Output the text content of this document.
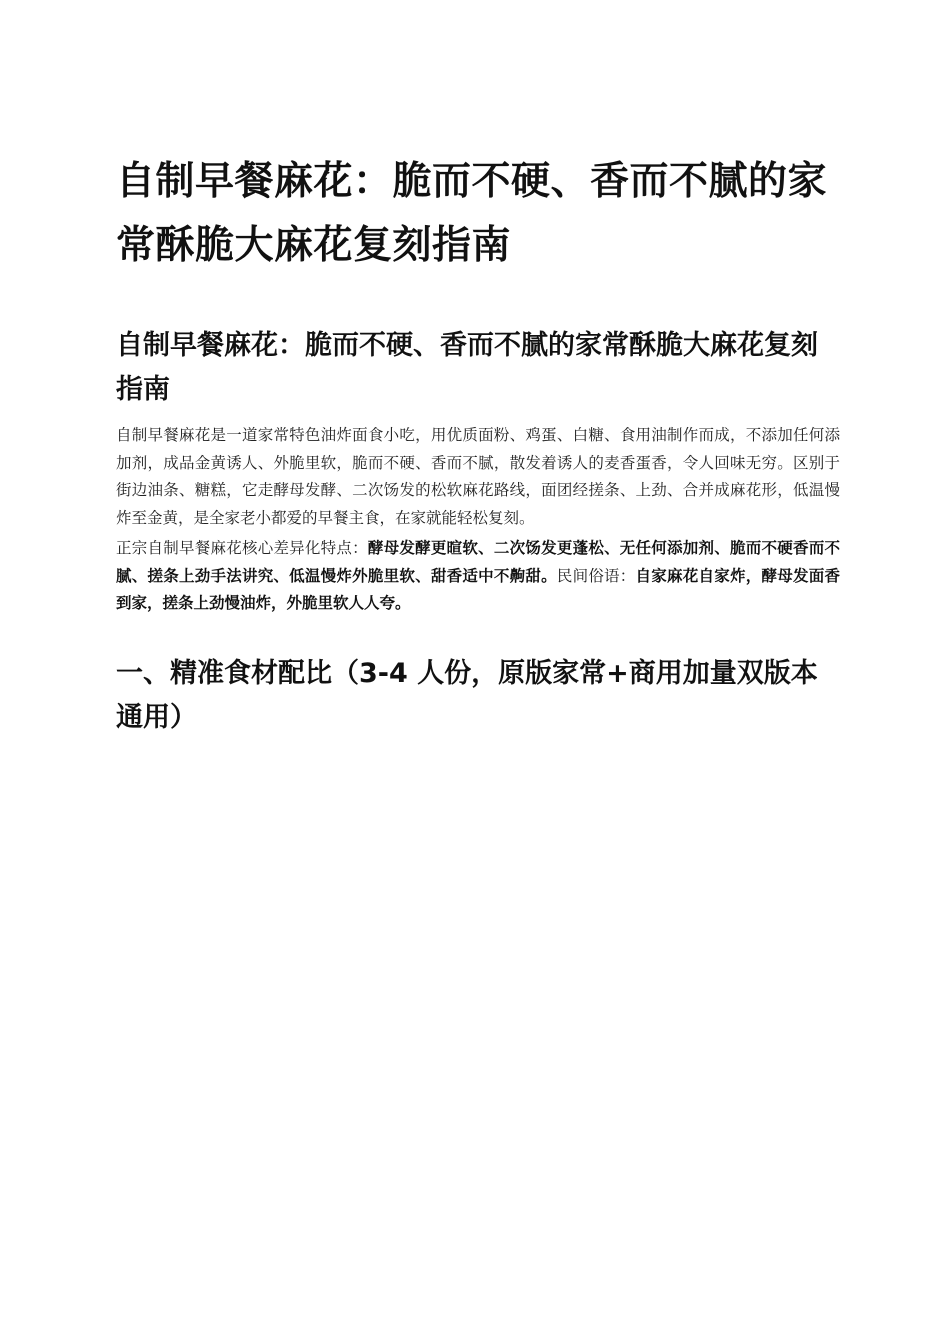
自制早餐麻花：脆而不硬、香而不腻的家常酥脆大麻花复刻指南
自制早餐麻花：脆而不硬、香而不腻的家常酥脆大麻花复刻指南

自制早餐麻花是一道家常特色油炸面食小吃，用优质面粉、鸡蛋、白糖、食用油制作而成，不添加任何添加剂，成品金黄诱人、外脆里软，脆而不硬、香而不腻，散发着诱人的麦香蛋香，令人回味无穷。区别于街边油条、糖糕，它走酵母发酵、二次饧发的松软麻花路线，面团经搓条、上劲、合并成麻花形，低温慢炸至金黄，是全家老小都爱的早餐主食，在家就能轻松复刻。

正宗自制早餐麻花核心差异化特点：酵母发酵更暄软、二次饧发更蓬松、无任何添加剂、脆而不硬香而不腻、搓条上劲手法讲究、低温慢炸外脆里软、甜香适中不齁甜。民间俗语：自家麻花自家炸，酵母发面香到家，搓条上劲慢油炸，外脆里软人人夸。

一、精准食材配比（3-4 人份，原版家常+商用加量双版本通用）
